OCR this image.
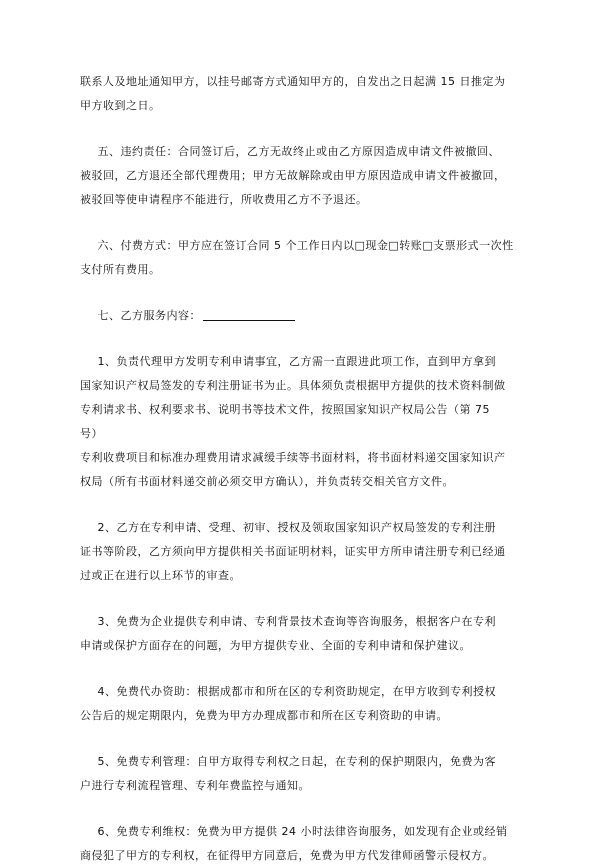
联系人及地址通知甲方，以挂号邮寄方式通知甲方的，自发出之日起满 15 日推定为
甲方收到之日。

  五、违约责任：合同签订后，乙方无故终止或由乙方原因造成申请文件被撤回、
被驳回，乙方退还全部代理费用；甲方无故解除或由甲方原因造成申请文件被撤回，
被驳回等使申请程序不能进行，所收费用乙方不予退还。

  六、付费方式：甲方应在签订合同 5 个工作日内以□现金□转账□支票形式一次性
支付所有费用。

  七、乙方服务内容：

  1、负责代理甲方发明专利申请事宜，乙方需一直跟进此项工作，直到甲方拿到
国家知识产权局签发的专利注册证书为止。具体须负责根据甲方提供的技术资料制做
专利请求书、权利要求书、说明书等技术文件，按照国家知识产权局公告（第 75 号）
专利收费项目和标准办理费用请求减缓手续等书面材料，将书面材料递交国家知识产
权局（所有书面材料递交前必须交甲方确认），并负责转交相关官方文件。

  2、乙方在专利申请、受理、初审、授权及领取国家知识产权局签发的专利注册
证书等阶段，乙方须向甲方提供相关书面证明材料，证实甲方所申请注册专利已经通
过或正在进行以上环节的审查。

  3、免费为企业提供专利申请、专利背景技术查询等咨询服务，根据客户在专利
申请或保护方面存在的问题，为甲方提供专业、全面的专利申请和保护建议。

  4、免费代办资助：根据成都市和所在区的专利资助规定，在甲方收到专利授权
公告后的规定期限内，免费为甲方办理成都市和所在区专利资助的申请。

  5、免费专利管理：自甲方取得专利权之日起，在专利的保护期限内，免费为客
户进行专利流程管理、专利年费监控与通知。

  6、免费专利维权：免费为甲方提供 24 小时法律咨询服务，如发现有企业或经销
商侵犯了甲方的专利权，在征得甲方同意后，免费为甲方代发律师函警示侵权方。
